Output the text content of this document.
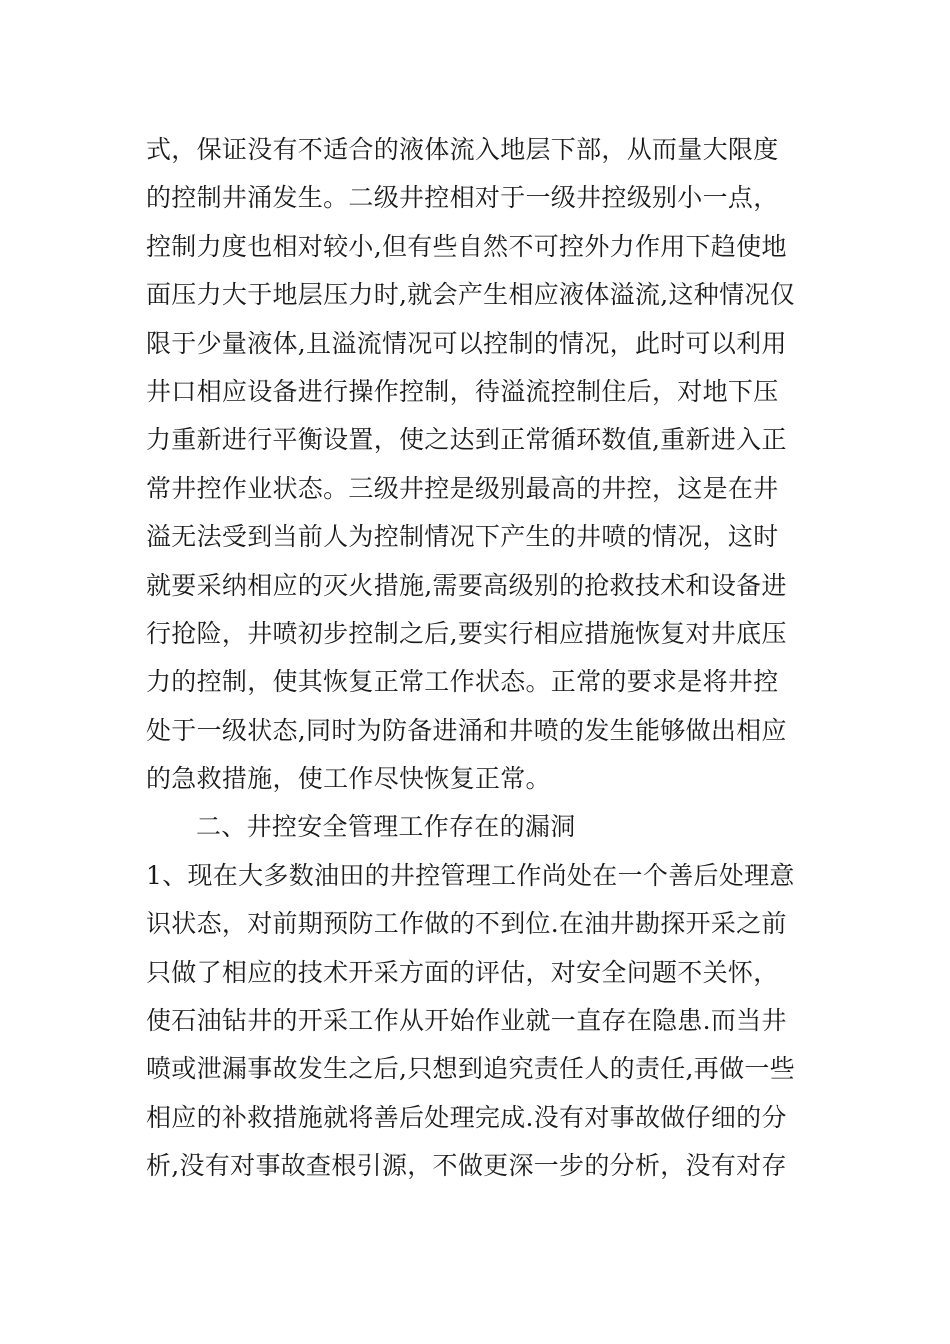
式，保证没有不适合的液体流入地层下部，从而量大限度
的控制井涌发生。二级井控相对于一级井控级别小一点，
控制力度也相对较小,但有些自然不可控外力作用下趋使地
面压力大于地层压力时,就会产生相应液体溢流,这种情况仅
限于少量液体,且溢流情况可以控制的情况，此时可以利用
井口相应设备进行操作控制，待溢流控制住后，对地下压
力重新进行平衡设置，使之达到正常循环数值,重新进入正
常井控作业状态。三级井控是级别最高的井控，这是在井
溢无法受到当前人为控制情况下产生的井喷的情况，这时
就要采纳相应的灭火措施,需要高级别的抢救技术和设备进
行抢险，井喷初步控制之后,要实行相应措施恢复对井底压
力的控制，使其恢复正常工作状态。正常的要求是将井控
处于一级状态,同时为防备进涌和井喷的发生能够做出相应
的急救措施，使工作尽快恢复正常。
二、井控安全管理工作存在的漏洞
1、现在大多数油田的井控管理工作尚处在一个善后处理意
识状态，对前期预防工作做的不到位.在油井勘探开采之前
只做了相应的技术开采方面的评估，对安全问题不关怀，
使石油钻井的开采工作从开始作业就一直存在隐患.而当井
喷或泄漏事故发生之后,只想到追究责任人的责任,再做一些
相应的补救措施就将善后处理完成.没有对事故做仔细的分
析,没有对事故查根引源，不做更深一步的分析，没有对存
